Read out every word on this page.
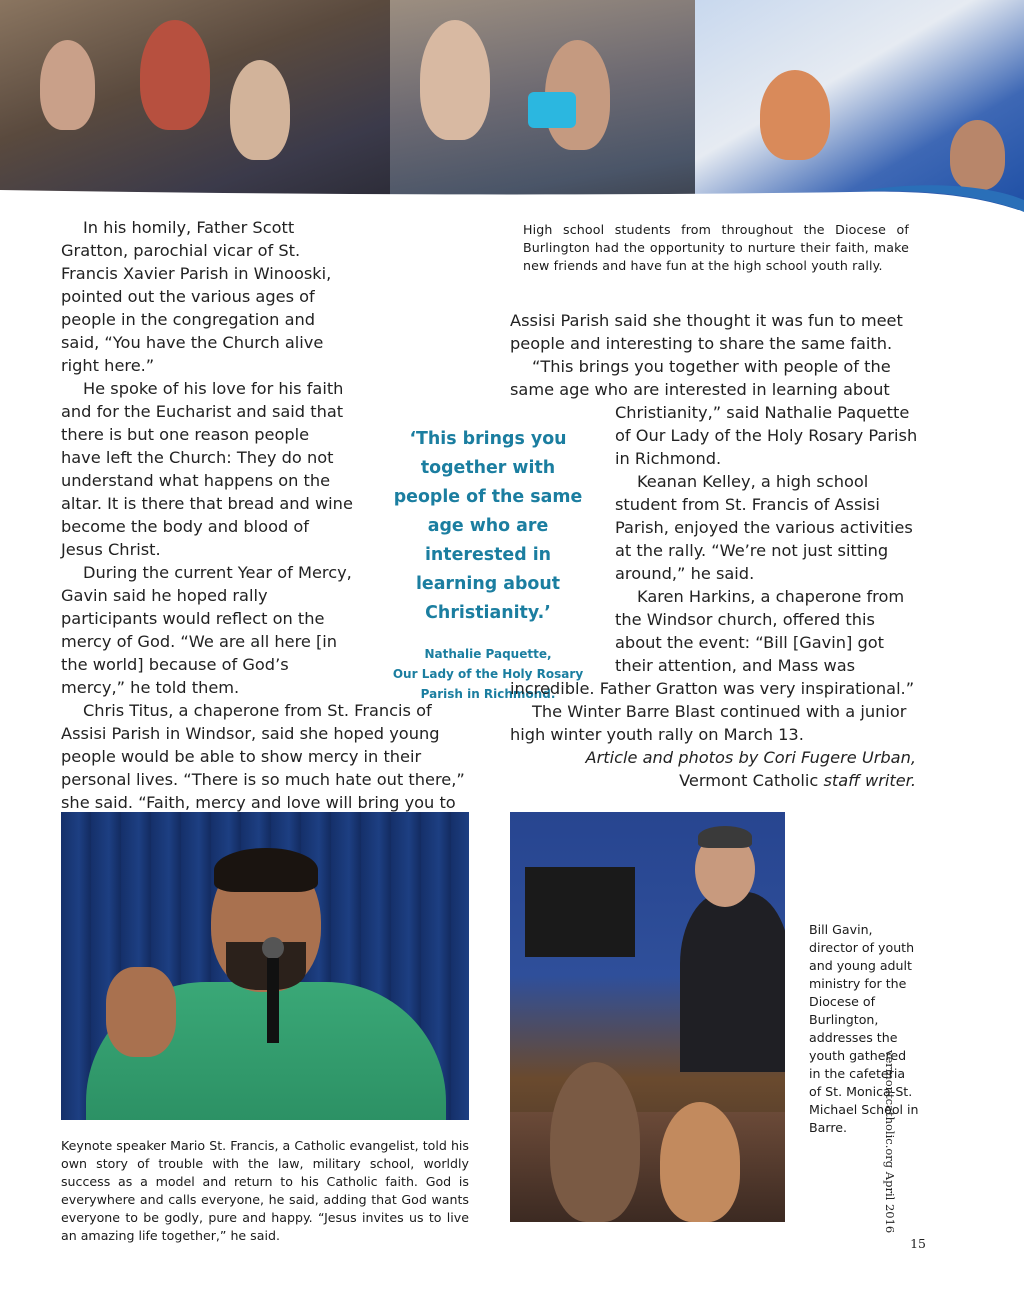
High school students from throughout the Diocese of Burlington had the opportunity to nurture their faith, make new friends and have fun at the high school youth rally.

In his homily, Father Scott Gratton, parochial vicar of St. Francis Xavier Parish in Winooski, pointed out the various ages of people in the congregation and said, “You have the Church alive right here.”

He spoke of his love for his faith and for the Eucharist and said that there is but one reason people have left the Church: They do not understand what happens on the altar. It is there that bread and wine become the body and blood of Jesus Christ.

During the current Year of Mercy, Gavin said he hoped rally participants would reflect on the mercy of God. “We are all here [in the world] because of God’s mercy,” he told them.

Chris Titus, a chaperone from St. Francis of Assisi Parish in Windsor, said she hoped young people would be able to show mercy in their personal lives. “There is so much hate out there,” she said. “Faith, mercy and love will bring you to

‘This brings you together with people of the same age who are interested in learning about Christianity.’
Nathalie Paquette,
Our Lady of the Holy Rosary Parish in Richmond.

Assisi Parish said she thought it was fun to meet people and interesting to share the same faith.

“This brings you together with people of the same age who are interested in learning about Christianity,” said Nathalie Paquette of Our Lady of the Holy Rosary Parish in Richmond.

Keanan Kelley, a high school student from St. Francis of Assisi Parish, enjoyed the various activities at the rally. “We’re not just sitting around,” he said.

Karen Harkins, a chaperone from the Windsor church, offered this about the event: “Bill [Gavin] got their attention, and Mass was incredible. Father Gratton was very inspirational.”

The Winter Barre Blast continued with a junior high winter youth rally on March 13.

Article and photos by Cori Fugere Urban,

Vermont Catholic staff writer.

Keynote speaker Mario St. Francis, a Catholic evangelist, told his own story of trouble with the law, military school, worldly success as a model and return to his Catholic faith. God is everywhere and calls everyone, he said, adding that God wants everyone to be godly, pure and happy. “Jesus invites us to live an amazing life together,” he said.
Bill Gavin, director of youth and young adult ministry for the Diocese of Burlington, addresses the youth gathered in the cafeteria of St. Monica-St. Michael School in Barre.	vermontcatholic.org April 2016
15
